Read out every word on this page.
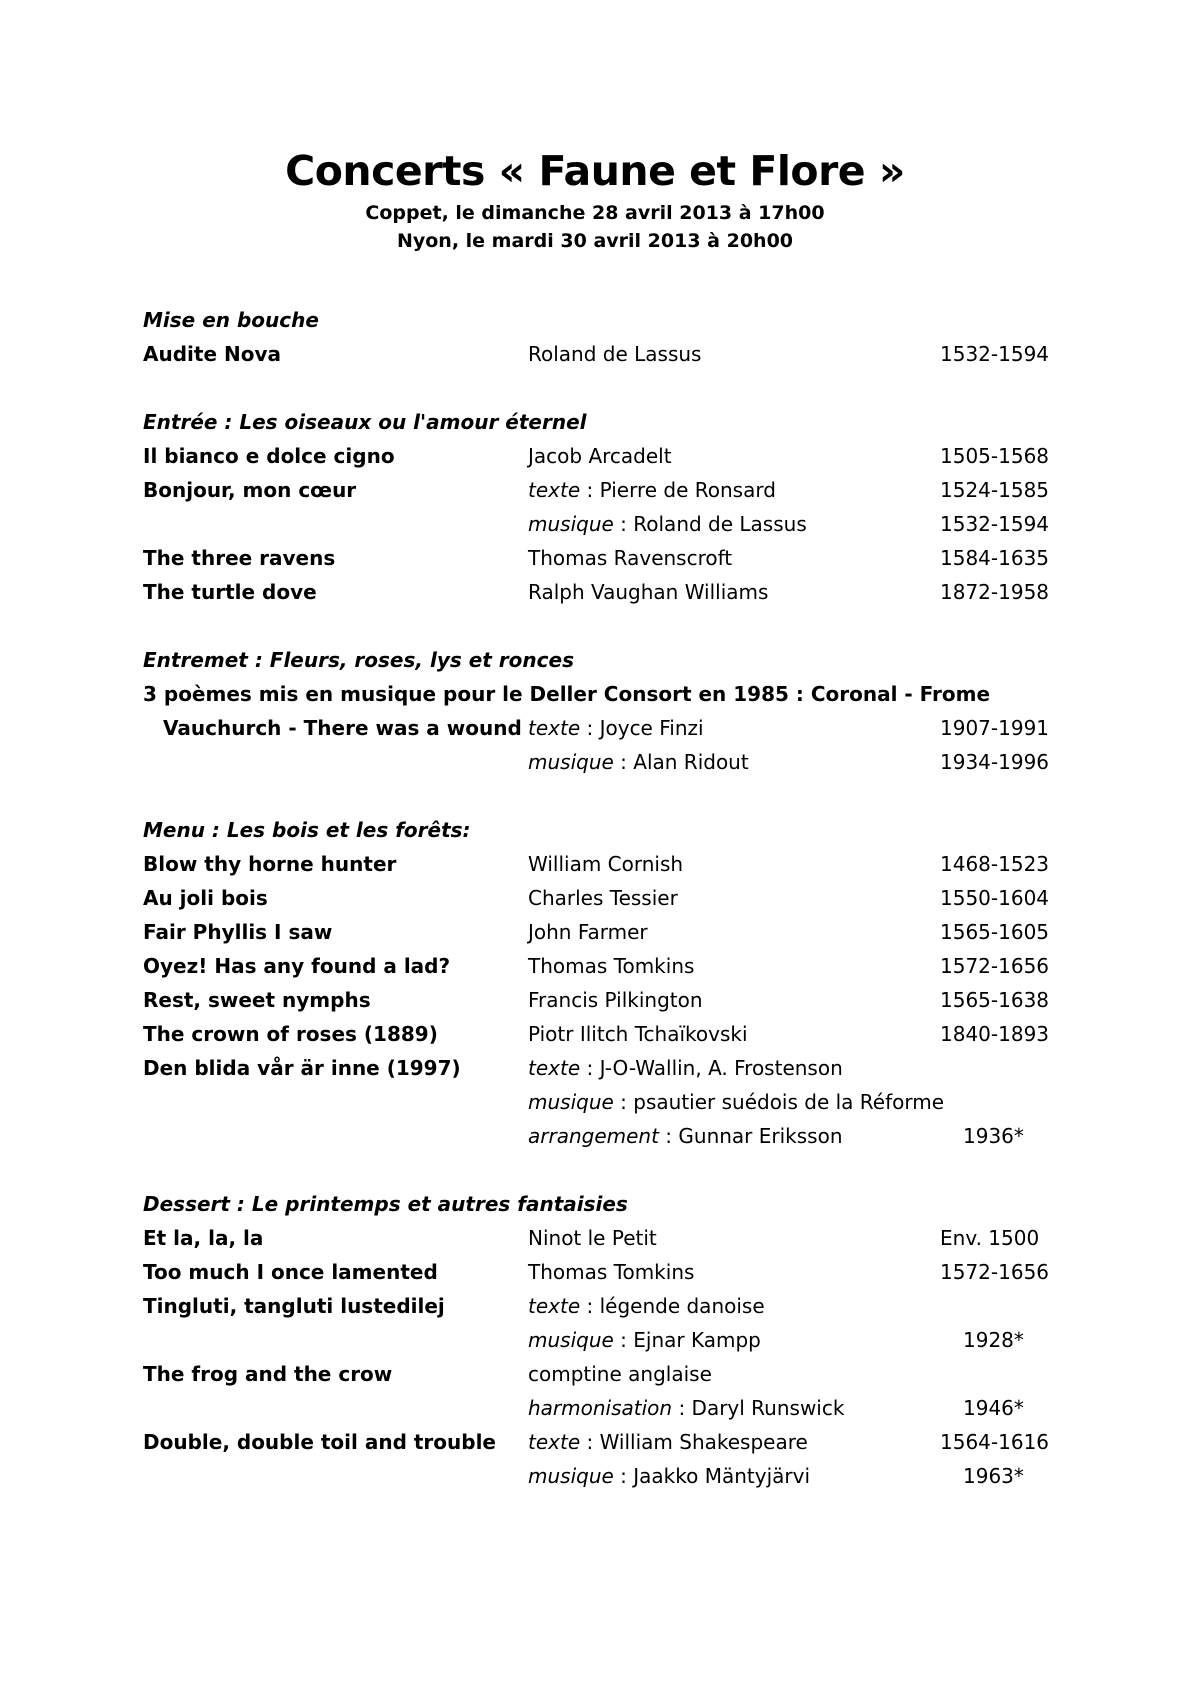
Concerts « Faune et Flore »

Coppet, le dimanche 28 avril 2013 à 17h00

Nyon, le mardi 30 avril 2013 à 20h00

Mise en bouche
Audite Nova	Roland de Lassus	1532-1594
Entrée : Les oiseaux ou l'amour éternel
Il bianco e dolce cigno	Jacob Arcadelt	1505-1568
Bonjour, mon cœur	texte : Pierre de Ronsard	1524-1585
musique : Roland de Lassus	1532-1594
The three ravens	Thomas Ravenscroft	1584-1635
The turtle dove	Ralph Vaughan Williams	1872-1958
Entremet : Fleurs, roses, lys et ronces
3 poèmes mis en musique pour le Deller Consort en 1985 : Coronal - Frome
Vauchurch - There was a wound texte : Joyce Finzi	1907-1991
musique : Alan Ridout	1934-1996
Menu : Les bois et les forêts:
Blow thy horne hunter	William Cornish	1468-1523
Au joli bois	Charles Tessier	1550-1604
Fair Phyllis I saw	John Farmer	1565-1605
Oyez! Has any found a lad?	Thomas Tomkins	1572-1656
Rest, sweet nymphs	Francis Pilkington	1565-1638
The crown of roses (1889)	Piotr Ilitch Tchaïkovski	1840-1893
Den blida vår är inne (1997)	texte : J-O-Wallin, A. Frostenson
musique : psautier suédois de la Réforme
arrangement : Gunnar Eriksson	1936*
Dessert : Le printemps et autres fantaisies
Et la, la, la	Ninot le Petit	Env. 1500
Too much I once lamented	Thomas Tomkins	1572-1656
Tingluti, tangluti lustedilej	texte : légende danoise
musique : Ejnar Kampp	1928*
The frog and the crow	comptine anglaise
harmonisation : Daryl Runswick	1946*
Double, double toil and trouble texte : William Shakespeare	1564-1616
musique : Jaakko Mäntyjärvi	1963*
